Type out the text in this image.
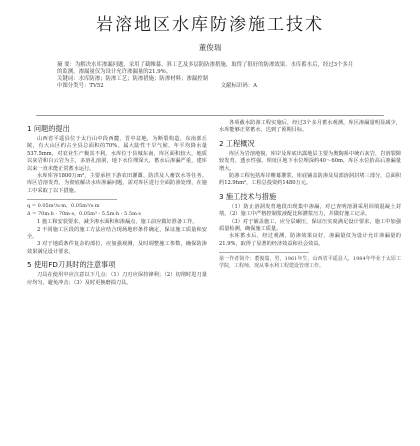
岩溶地区水库防渗施工技术
董俊瑞

摘 要：为解决水库渗漏问题，采用了截帷幕、斜工艺及多层防防渗措施，取得了很好的防渗效果。水库蓄水后，经过3个多月的监测，渗漏量仅为设计允许渗漏量的21.9%。

关键词：水库防渗；防渗工艺；防渗措施；防渗材料；渗漏控制

中图分类号：TV52	文献标识码：A
1 问题的提出

山西省平遥县位于太行山中段西麓，晋中盆地，为断裂构造，东南部丘陵，有大山区约占全县总面积的70%。属大陆性干旱气候，年平均降水量537.5mm，对农业生产极其不利。水库位于县城东南，库区面积较大，地质以灰岩和白云岩为主，多溶孔溶洞，地下水位埋深大，蓄水后渗漏严重，建库以来一直未能正常蓄水运行。

水库库容1800万m³，主要承担下游农田灌溉、防洪及人畜饮水等任务。库区岩溶发育，为彻底解决水库渗漏问题，需对库区进行全面防渗处理，在施工中采取了以下措施。

q = 0.05m³/s·m，0.05m³/s·m
Δ = 70m·h - 70m·s，0.05m³ - 5.5m·h - 5.5m·s

1 施工和安装要求，减少渗水面积和渗漏点，施工前应做好准备工作。

2 不同施工区段的施工方法应结合现场地形条件确定，保证施工质量和安全。

3 对于地质条件复杂的部位，应加强观测，及时调整施工参数，确保防渗效果满足设计要求。

5 使用FD刀具时的注意事项

刀具在使用中应注意以下几点：（1）刀刃应保持锋利；（2）切削时进刀量应均匀，避免冲击；（3）及时更换磨损刀具。

各项截水防渗工程实施后，经过3个多月蓄水观测，库区渗漏量明显减少，水库能够正常蓄水，达到了预期目标。

2 工程概况

库区为岩溶地貌，库岸及库底出露地层主要为奥陶系中统石灰岩，岩溶裂隙较发育，透水性强。坝址区地下水位埋深约40～60m，库区水位抬高后渗漏量增大。

防渗工程包括库岸帷幕灌浆、库底铺盖防渗及局部溶洞封堵三部分，总面积约12.9hm²，工程总投资约1480万元。

3 施工技术与措施

（1）防止溶洞发育地段出现集中渗漏，对已查明溶洞采用回填混凝土封堵。（2）施工中严格控制浆液配比和灌浆压力，并做好施工记录。

（3）对于铺盖施工，应分层碾压，保证压实度满足设计要求，施工中加强质量检测，确保施工质量。

水库蓄水后，经过观测，防渗效果良好，渗漏量仅为设计允许渗漏量的21.9%，取得了显著的经济效益和社会效益。

第一作者简介：董俊瑞，男，1961年生，山西省平遥县人，1984年毕业于太原工学院，工程师，现从事水利工程建设管理工作。
